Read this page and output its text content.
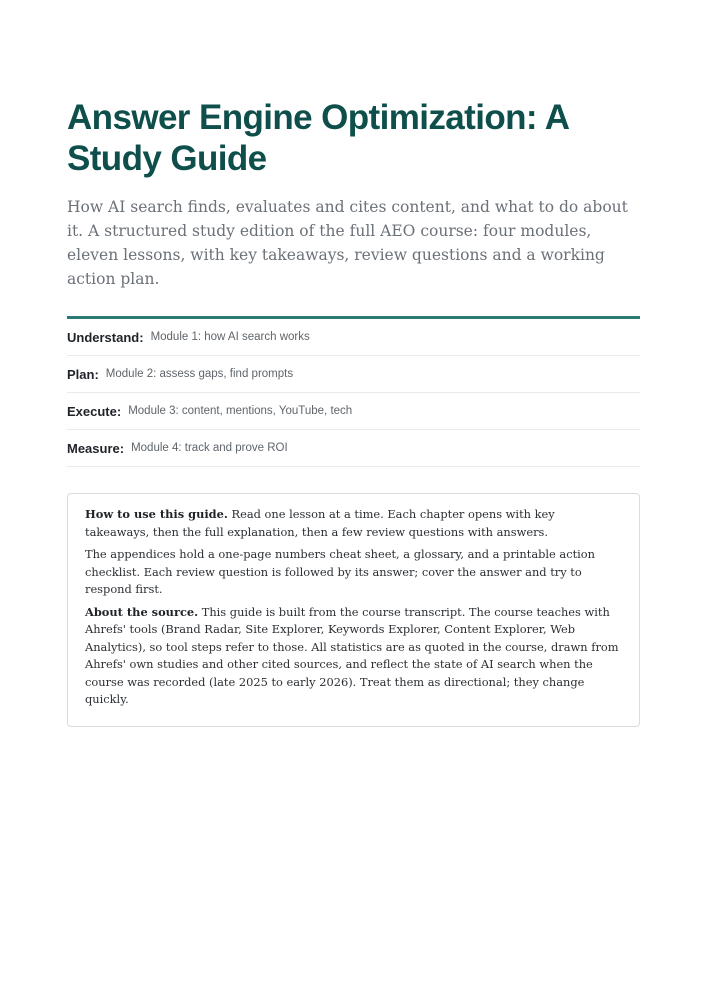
Answer Engine Optimization: A Study Guide

How AI search finds, evaluates and cites content, and what to do about it. A structured study edition of the full AEO course: four modules, eleven lessons, with key takeaways, review questions and a working action plan.

Understand: Module 1: how AI search works
Plan: Module 2: assess gaps, find prompts
Execute: Module 3: content, mentions, YouTube, tech
Measure: Module 4: track and prove ROI

How to use this guide. Read one lesson at a time. Each chapter opens with key takeaways, then the full explanation, then a few review questions with answers.

The appendices hold a one-page numbers cheat sheet, a glossary, and a printable action checklist. Each review question is followed by its answer; cover the answer and try to respond first.

About the source. This guide is built from the course transcript. The course teaches with Ahrefs' tools (Brand Radar, Site Explorer, Keywords Explorer, Content Explorer, Web Analytics), so tool steps refer to those. All statistics are as quoted in the course, drawn from Ahrefs' own studies and other cited sources, and reflect the state of AI search when the course was recorded (late 2025 to early 2026). Treat them as directional; they change quickly.
